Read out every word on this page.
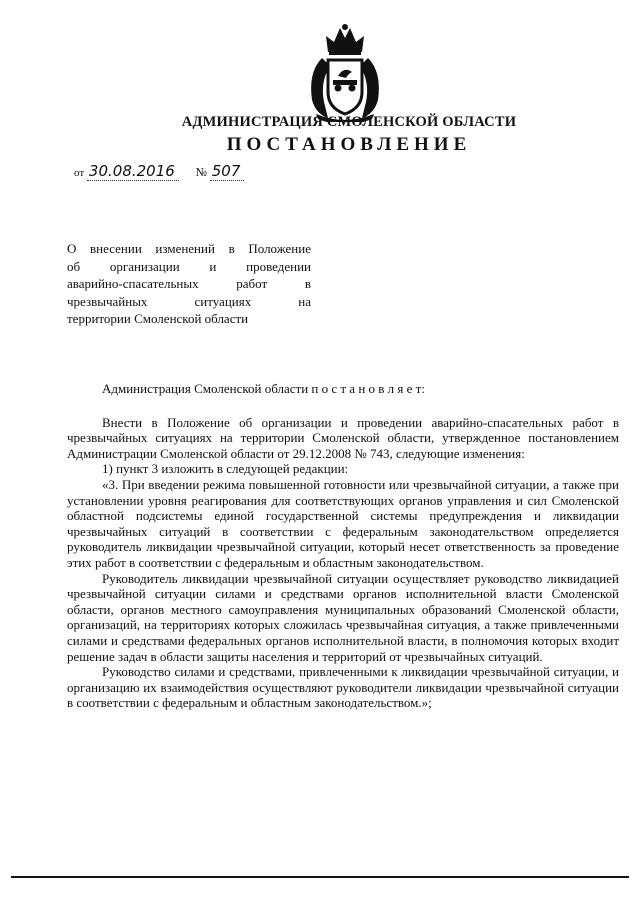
АДМИНИСТРАЦИЯ СМОЛЕНСКОЙ ОБЛАСТИ
ПОСТАНОВЛЕНИЕ
от 30.08.2016 № 507
О внесении изменений в Положение
об организации и проведении
аварийно-спасательных работ в
чрезвычайных ситуациях на
территории Смоленской области

Администрация Смоленской области п о с т а н о в л я е т:

Внести в Положение об организации и проведении аварийно-спасательных работ в чрезвычайных ситуациях на территории Смоленской области, утвержденное постановлением Администрации Смоленской области от 29.12.2008 № 743, следующие изменения:

1) пункт 3 изложить в следующей редакции:

«3. При введении режима повышенной готовности или чрезвычайной ситуации, а также при установлении уровня реагирования для соответствующих органов управления и сил Смоленской областной подсистемы единой государственной системы предупреждения и ликвидации чрезвычайных ситуаций в соответствии с федеральным законодательством определяется руководитель ликвидации чрезвычайной ситуации, который несет ответственность за проведение этих работ в соответствии с федеральным и областным законодательством.

Руководитель ликвидации чрезвычайной ситуации осуществляет руководство ликвидацией чрезвычайной ситуации силами и средствами органов исполнительной власти Смоленской области, органов местного самоуправления муниципальных образований Смоленской области, организаций, на территориях которых сложилась чрезвычайная ситуация, а также привлеченными силами и средствами федеральных органов исполнительной власти, в полномочия которых входит решение задач в области защиты населения и территорий от чрезвычайных ситуаций.

Руководство силами и средствами, привлеченными к ликвидации чрезвычайной ситуации, и организацию их взаимодействия осуществляют руководители ликвидации чрезвычайной ситуации в соответствии с федеральным и областным законодательством.»;
